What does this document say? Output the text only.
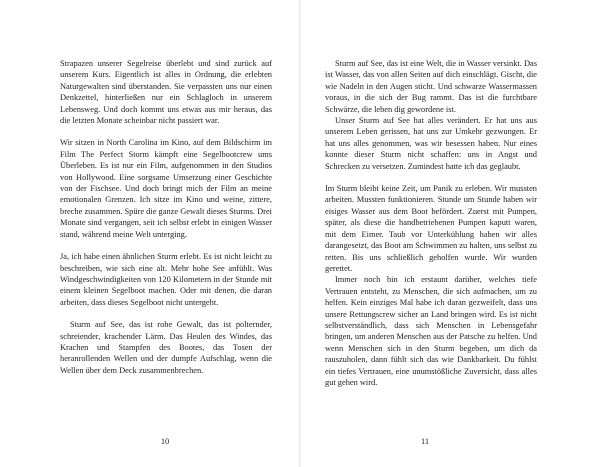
Strapazen unserer Segelreise überlebt und sind zurück auf unserem Kurs. Eigentlich ist alles in Ordnung, die erlebten Naturgewalten sind überstanden. Sie verpassten uns nur einen Denkzettel, hinterließen nur ein Schlagloch in unserem Lebensweg. Und doch kommt uns etwas aus mir heraus, das die letzten Monate scheinbar nicht passiert war.

Wir sitzen in North Carolina im Kino, auf dem Bildschirm im Film The Perfect Storm kämpft eine Segelbootcrew ums Überleben. Es ist nur ein Film, aufgenommen in den Studios von Hollywood. Eine sorgsame Umsetzung einer Geschichte von der Fischsee. Und doch bringt mich der Film an meine emotionalen Grenzen. Ich sitze im Kino und weine, zittere, breche zusammen. Spüre die ganze Gewalt dieses Sturms. Drei Monate sind vergangen, seit ich selbst erlebt in einigen Wasser stand, während meine Welt unterging.

Ja, ich habe einen ähnlichen Sturm erlebt. Es ist nicht leicht zu beschreiben, wie sich eine alt. Mehr hohe See anfühlt. Was Windgeschwindigkeiten von 120 Kilometern in der Stunde mit einem kleinen Segelboot machen. Oder mit denen, die daran arbeiten, dass dieses Segelboot nicht untergeht.

Sturm auf See, das ist rohe Gewalt, das ist polternder, schreiender, krachender Lärm. Das Heulen des Windes, das Krachen und Stampfen des Bootes, das Tosen der heranrollenden Wellen und der dumpfe Aufschlag, wenn die Wellen über dem Deck zusammenbrechen.

Sturm auf See, das ist eine Welt, die in Wasser versinkt. Das ist Wasser, das von allen Seiten auf dich einschlägt. Gischt, die wie Nadeln in den Augen sticht. Und schwarze Wassermassen voraus, in die sich der Bug rammt. Das ist die furchtbare Schwärze, die leben dig gewordene ist.

Unser Sturm auf See hat alles verändert. Er hat uns aus unserem Leben gerissen, hat uns zur Umkehr gezwungen. Er hat uns alles genommen, was wir besessen haben. Nur eines konnte dieser Sturm nicht schaffen: uns in Angst und Schrecken zu versetzen. Zumindest hatte ich das geglaubt.

Im Sturm bleibt keine Zeit, um Panik zu erleben. Wir mussten arbeiten. Mussten funktionieren. Stunde um Stunde haben wir eisiges Wasser aus dem Boot befördert. Zuerst mit Pumpen, später, als diese die handbetriebenen Pumpen kaputt waren, mit dem Eimer. Taub vor Unterkühlung haben wir alles darangesetzt, das Boot am Schwimmen zu halten, uns selbst zu retten. Bis uns schließlich geholfen wurde. Wir wurden gerettet.

Immer noch bin ich erstaunt darüber, welches tiefe Vertrauen entsteht, zu Menschen, die sich aufmachen, um zu helfen. Kein einziges Mal habe ich daran gezweifelt, dass uns unsere Rettungscrew sicher an Land bringen wird. Es ist nicht selbstverständlich, dass sich Menschen in Lebensgefahr bringen, um anderen Menschen aus der Patsche zu helfen. Und wenn Menschen sich in den Sturm begeben, um dich da rauszuholen, dann fühlt sich das wie Dankbarkeit. Du fühlst ein tiefes Vertrauen, eine unumstößliche Zuversicht, dass alles gut gehen wird.

10	11
